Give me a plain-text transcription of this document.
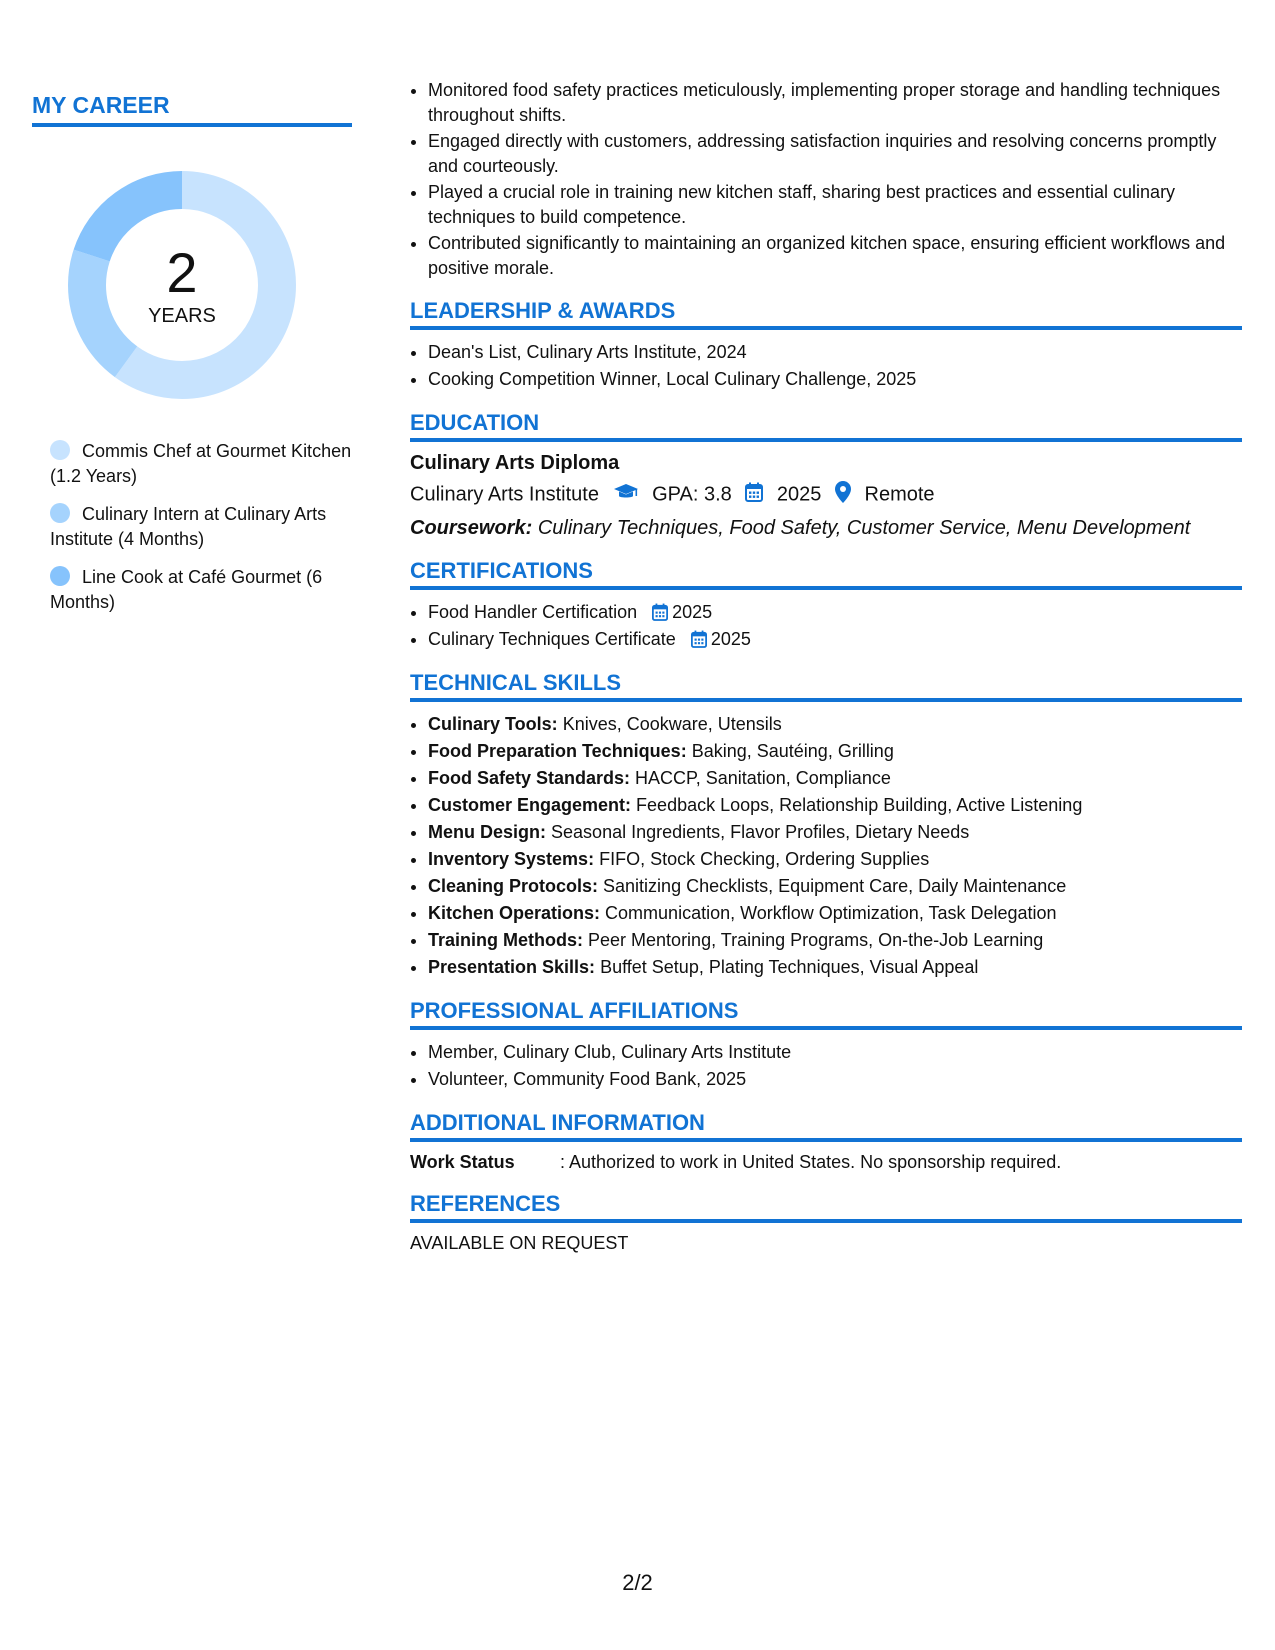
MY CAREER
2
YEARS
Commis Chef at Gourmet Kitchen (1.2 Years)
Culinary Intern at Culinary Arts Institute (4 Months)
Line Cook at Café Gourmet (6 Months)
• Monitored food safety practices meticulously, implementing proper storage and handling techniques throughout shifts.
• Engaged directly with customers, addressing satisfaction inquiries and resolving concerns promptly and courteously.
• Played a crucial role in training new kitchen staff, sharing best practices and essential culinary techniques to build competence.
• Contributed significantly to maintaining an organized kitchen space, ensuring efficient workflows and positive morale.
LEADERSHIP & AWARDS
• Dean's List, Culinary Arts Institute, 2024
• Cooking Competition Winner, Local Culinary Challenge, 2025
EDUCATION
Culinary Arts Diploma
Culinary Arts Institute	GPA: 3.8 2025 Remote
Coursework: Culinary Techniques, Food Safety, Customer Service, Menu Development
CERTIFICATIONS
• Food Handler Certification 2025
• Culinary Techniques Certificate 2025
TECHNICAL SKILLS
• Culinary Tools: Knives, Cookware, Utensils
• Food Preparation Techniques: Baking, Sautéing, Grilling
• Food Safety Standards: HACCP, Sanitation, Compliance
• Customer Engagement: Feedback Loops, Relationship Building, Active Listening
• Menu Design: Seasonal Ingredients, Flavor Profiles, Dietary Needs
• Inventory Systems: FIFO, Stock Checking, Ordering Supplies
• Cleaning Protocols: Sanitizing Checklists, Equipment Care, Daily Maintenance
• Kitchen Operations: Communication, Workflow Optimization, Task Delegation
• Training Methods: Peer Mentoring, Training Programs, On-the-Job Learning
• Presentation Skills: Buffet Setup, Plating Techniques, Visual Appeal
PROFESSIONAL AFFILIATIONS
• Member, Culinary Club, Culinary Arts Institute
• Volunteer, Community Food Bank, 2025
ADDITIONAL INFORMATION
Work Status	: Authorized to work in United States. No sponsorship required.
REFERENCES
AVAILABLE ON REQUEST
2/2
